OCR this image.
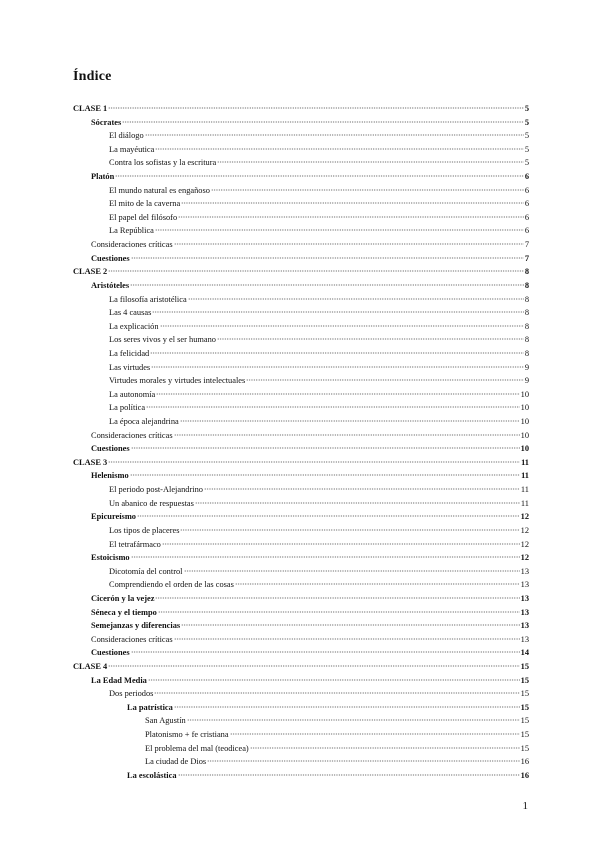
Índice
CLASE 1	5
Sócrates	5
El diálogo	5
La mayéutica	5
Contra los sofistas y la escritura	5
Platón	6
El mundo natural es engañoso	6
El mito de la caverna	6
El papel del filósofo	6
La República	6
Consideraciones críticas	7
Cuestiones	7
CLASE 2	8
Aristóteles	8
La filosofía aristotélica	8
Las 4 causas	8
La explicación	8
Los seres vivos y el ser humano	8
La felicidad	8
Las virtudes	9
Virtudes morales y virtudes intelectuales	9
La autonomía	10
La política	10
La época alejandrina	10
Consideraciones críticas	10
Cuestiones	10
CLASE 3	11
Helenismo	11
El periodo post-Alejandrino	11
Un abanico de respuestas	11
Epicureísmo	12
Los tipos de placeres	12
El tetrafármaco	12
Estoicismo	12
Dicotomía del control	13
Comprendiendo el orden de las cosas	13
Cicerón y la vejez	13
Séneca y el tiempo	13
Semejanzas y diferencias	13
Consideraciones críticas	13
Cuestiones	14
CLASE 4	15
La Edad Media	15
Dos periodos	15
La patrística	15
San Agustín	15
Platonismo + fe cristiana	15
El problema del mal (teodicea)	15
La ciudad de Dios	16
La escolástica	16
1
